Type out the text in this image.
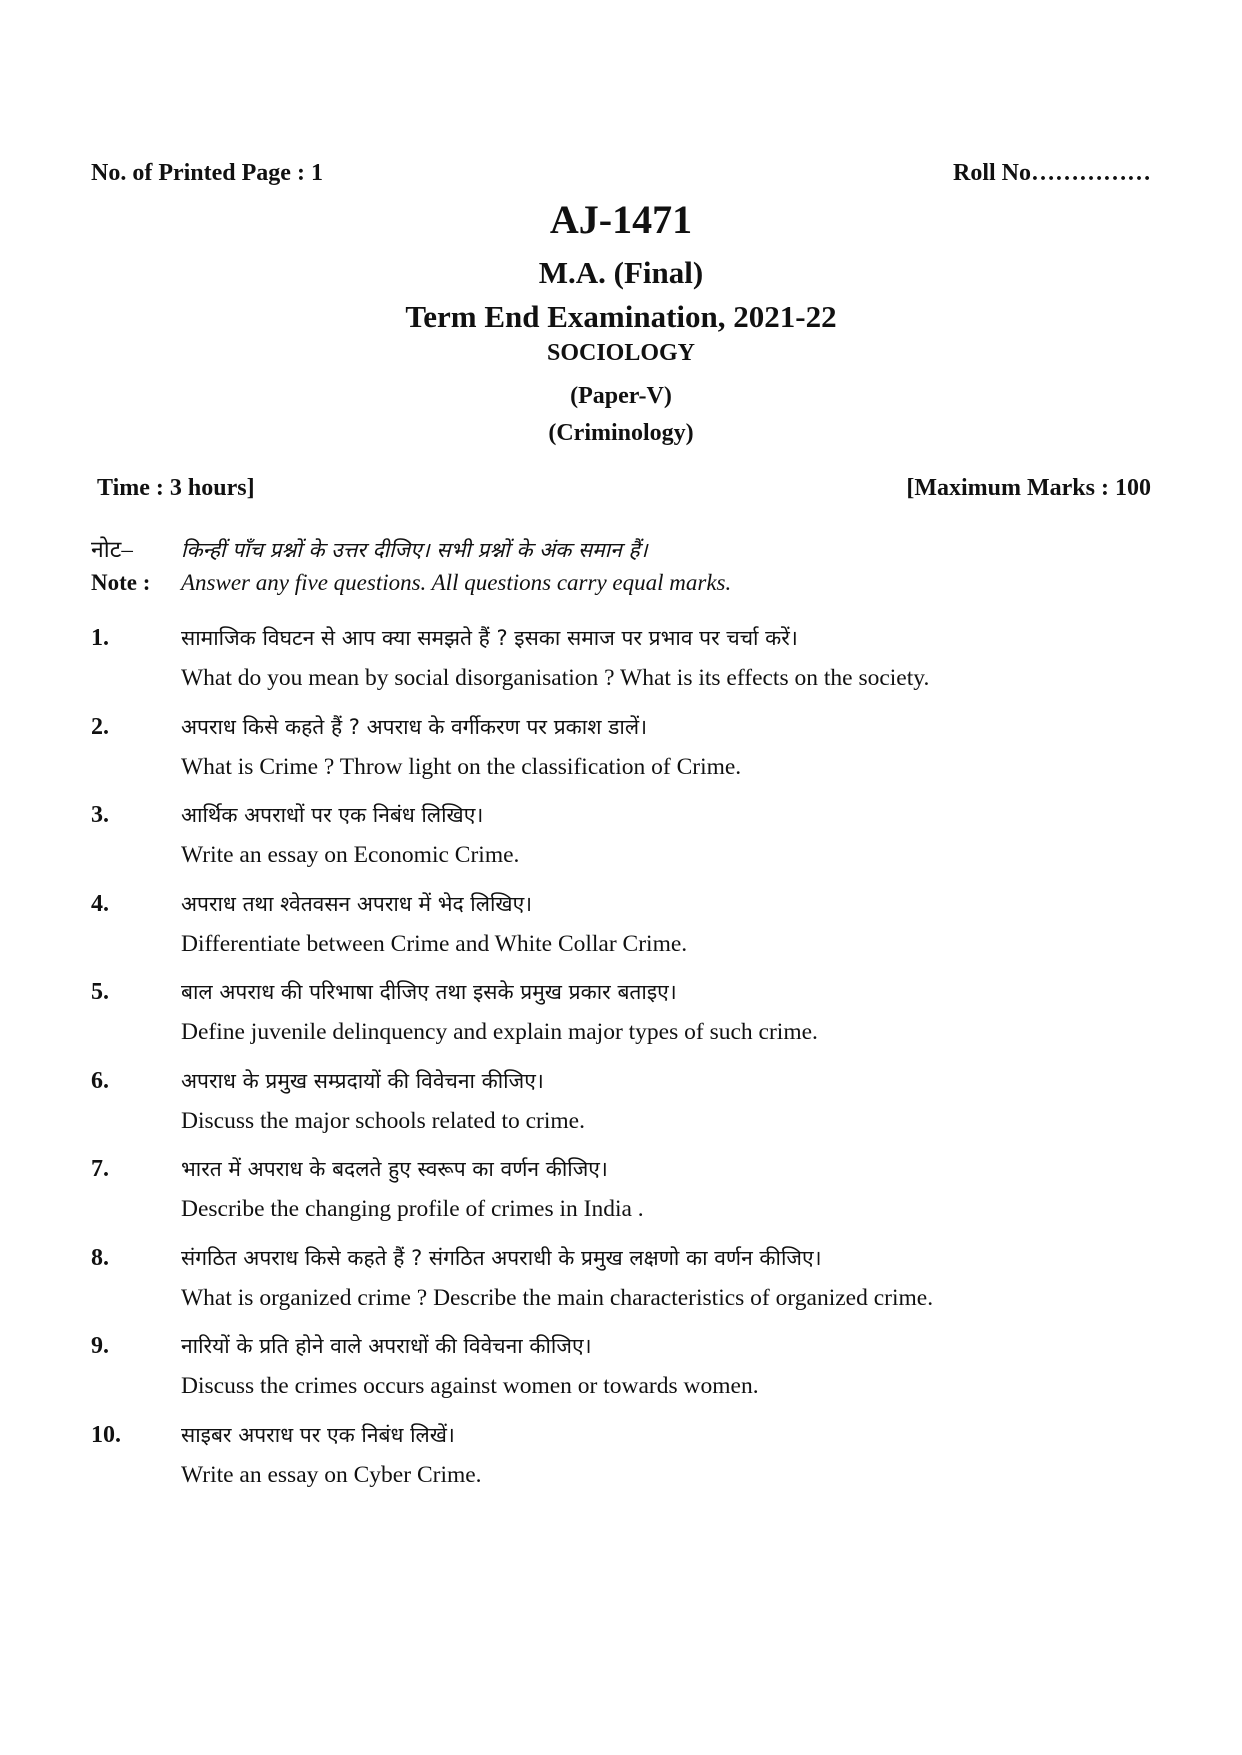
No. of Printed Page : 1	Roll No……………
AJ-1471
M.A. (Final)
Term End Examination, 2021-22
SOCIOLOGY
(Paper-V)
(Criminology)
Time : 3 hours]	[Maximum Marks : 100
नोट– किन्हीं पाँच प्रश्नों के उत्तर दीजिए। सभी प्रश्नों के अंक समान हैं।
Note : Answer any five questions. All questions carry equal marks.
1.	सामाजिक विघटन से आप क्या समझते हैं ? इसका समाज पर प्रभाव पर चर्चा करें।
What do you mean by social disorganisation ? What is its effects on the society.
2.	अपराध किसे कहते हैं ? अपराध के वर्गीकरण पर प्रकाश डालें।
What is Crime ? Throw light on the classification of Crime.
3.	आर्थिक अपराधों पर एक निबंध लिखिए।
Write an essay on Economic Crime.
4.	अपराध तथा श्वेतवसन अपराध में भेद लिखिए।
Differentiate between Crime and White Collar Crime.
5.	बाल अपराध की परिभाषा दीजिए तथा इसके प्रमुख प्रकार बताइए।
Define juvenile delinquency and explain major types of such crime.
6.	अपराध के प्रमुख सम्प्रदायों की विवेचना कीजिए।
Discuss the major schools related to crime.
7.	भारत में अपराध के बदलते हुए स्वरूप का वर्णन कीजिए।
Describe the changing profile of crimes in India .
8.	संगठित अपराध किसे कहते हैं ? संगठित अपराधी के प्रमुख लक्षणो का वर्णन कीजिए।
What is organized crime ? Describe the main characteristics of organized crime.
9.	नारियों के प्रति होने वाले अपराधों की विवेचना कीजिए।
Discuss the crimes occurs against women or towards women.
10.	साइबर अपराध पर एक निबंध लिखें।
Write an essay on Cyber Crime.
